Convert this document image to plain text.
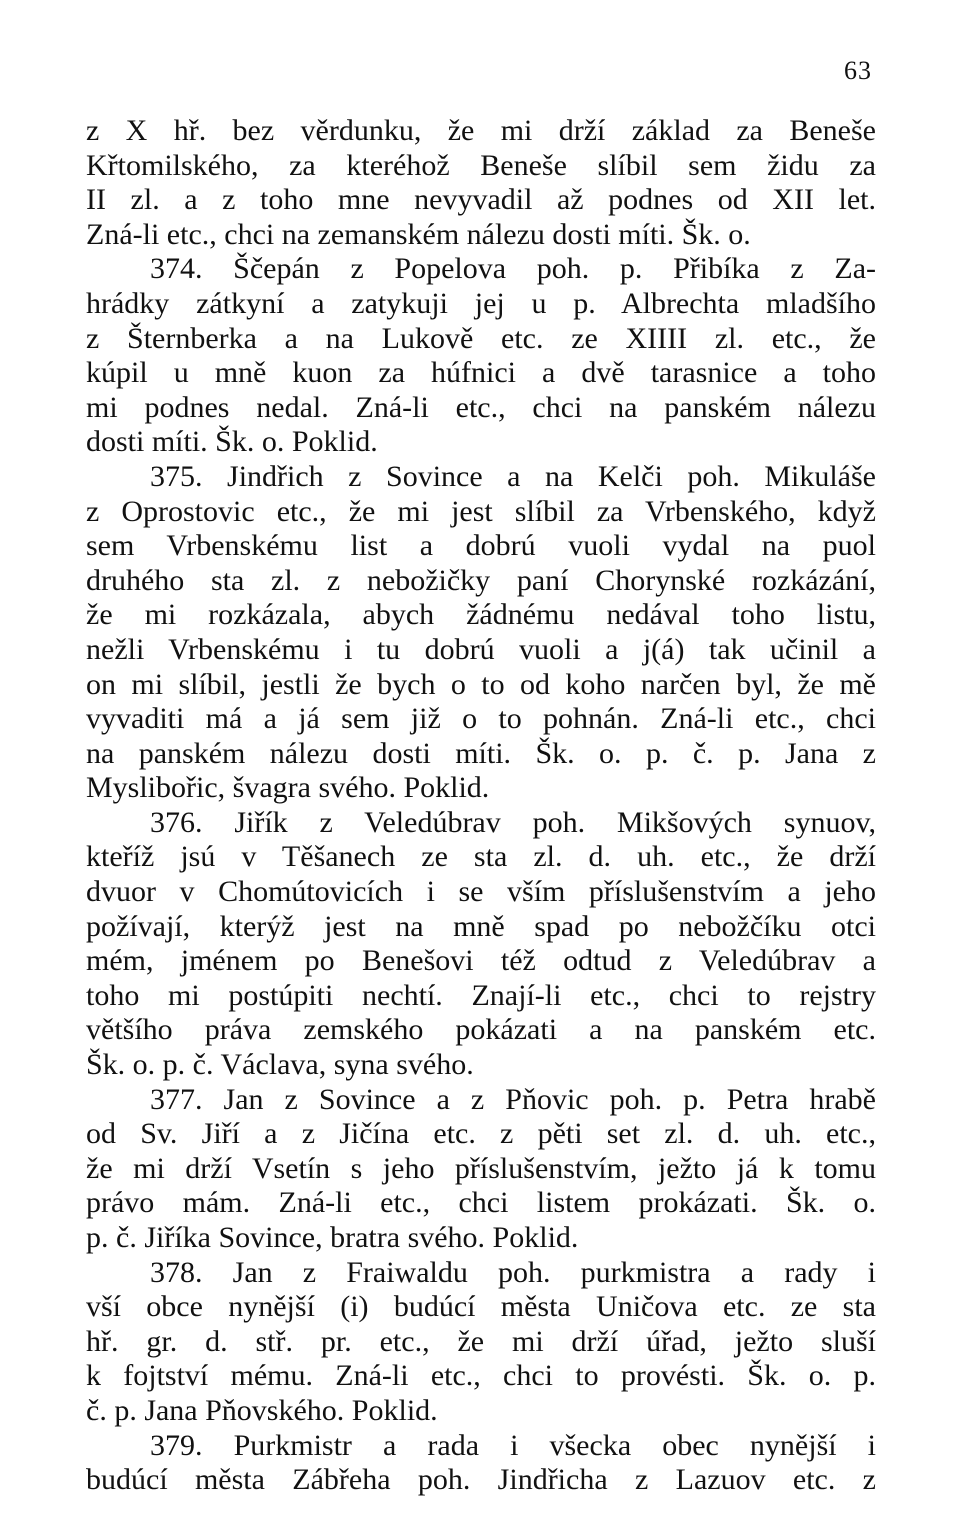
63
z X hř. bez věrdunku, že mi drží základ za Beneše
Křtomilského, za kteréhož Beneše slíbil sem židu za
II zl. a z toho mne nevyvadil až podnes od XII let.
Zná-li etc., chci na zemanském nálezu dosti míti. Šk. o.
374. Ščepán z Popelova poh. p. Přibíka z Za-
hrádky zátkyní a zatykuji jej u p. Albrechta mladšího
z Šternberka a na Lukově etc. ze XIIII zl. etc., že
kúpil u mně kuon za húfnici a dvě tarasnice a toho
mi podnes nedal. Zná-li etc., chci na panském nálezu
dosti míti. Šk. o. Poklid.
375. Jindřich z Sovince a na Kelči poh. Mikuláše
z Oprostovic etc., že mi jest slíbil za Vrbenského, když
sem Vrbenskému list a dobrú vuoli vydal na puol
druhého sta zl. z nebožičky paní Chorynské rozkázání,
že mi rozkázala, abych žádnému nedával toho listu,
nežli Vrbenskému i tu dobrú vuoli a j(á) tak učinil a
on mi slíbil, jestli že bych o to od koho narčen byl, že mě
vyvaditi má a já sem již o to pohnán. Zná-li etc., chci
na panském nálezu dosti míti. Šk. o. p. č. p. Jana z
Myslibořic, švagra svého. Poklid.
376. Jiřík z Veledúbrav poh. Mikšových synuov,
kteříž jsú v Těšanech ze sta zl. d. uh. etc., že drží
dvuor v Chomútovicích i se vším příslušenstvím a jeho
požívají, kterýž jest na mně spad po nebožčíku otci
mém, jménem po Benešovi též odtud z Veledúbrav a
toho mi postúpiti nechtí. Znají-li etc., chci to rejstry
většího práva zemského pokázati a na panském etc.
Šk. o. p. č. Václava, syna svého.
377. Jan z Sovince a z Pňovic poh. p. Petra hrabě
od Sv. Jiří a z Jičína etc. z pěti set zl. d. uh. etc.,
že mi drží Vsetín s jeho příslušenstvím, ježto já k tomu
právo mám. Zná-li etc., chci listem prokázati. Šk. o.
p. č. Jiříka Sovince, bratra svého. Poklid.
378. Jan z Fraiwaldu poh. purkmistra a rady i
vší obce nynější (i) budúcí města Uničova etc. ze sta
hř. gr. d. stř. pr. etc., že mi drží úřad, ježto sluší
k fojtství mému. Zná-li etc., chci to provésti. Šk. o. p.
č. p. Jana Pňovského. Poklid.
379. Purkmistr a rada i všecka obec nynější i
budúcí města Zábřeha poh. Jindřicha z Lazuov etc. z
